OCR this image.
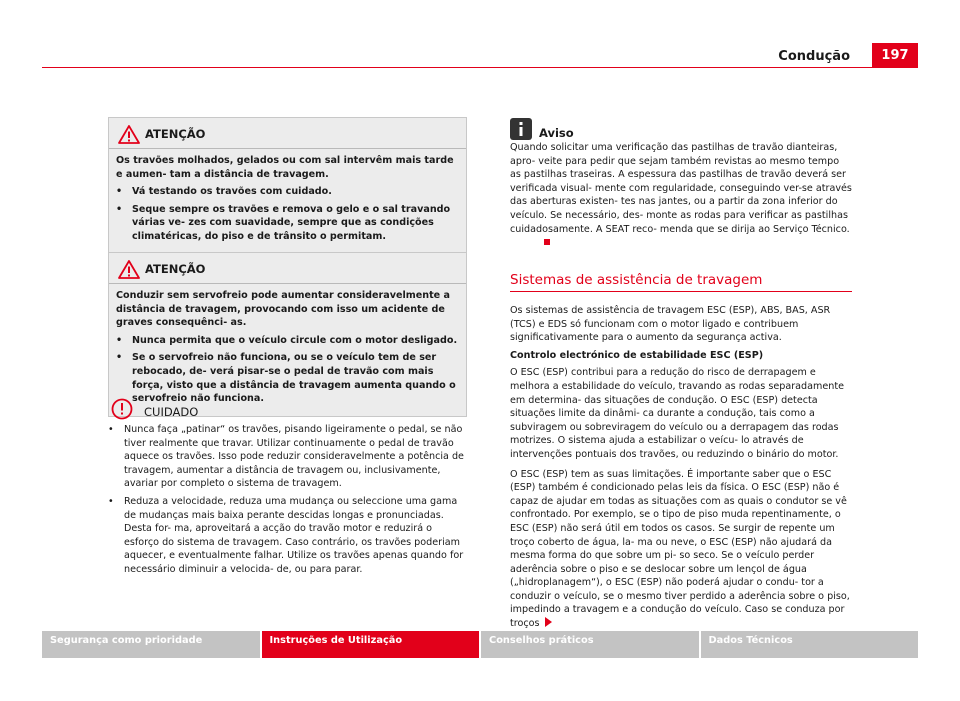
Condução	197
ATENÇÃO

Os travões molhados, gelados ou com sal intervêm mais tarde e aumen- tam a distância de travagem.

•	Vá testando os travões com cuidado.
•	Seque sempre os travões e remova o gelo e o sal travando várias ve- zes com suavidade, sempre que as condições climatéricas, do piso e de trânsito o permitam.
ATENÇÃO

Conduzir sem servofreio pode aumentar consideravelmente a distância de travagem, provocando com isso um acidente de graves consequênci- as.

•	Nunca permita que o veículo circule com o motor desligado.
•	Se o servofreio não funciona, ou se o veículo tem de ser rebocado, de- verá pisar-se o pedal de travão com mais força, visto que a distância de travagem aumenta quando o servofreio não funciona.
CUIDADO
•	Nunca faça „patinar“ os travões, pisando ligeiramente o pedal, se não tiver realmente que travar. Utilizar continuamente o pedal de travão aquece os travões. Isso pode reduzir consideravelmente a potência de travagem, aumentar a distância de travagem ou, inclusivamente, avariar por completo o sistema de travagem.
•	Reduza a velocidade, reduza uma mudança ou seleccione uma gama de mudanças mais baixa perante descidas longas e pronunciadas. Desta for- ma, aproveitará a acção do travão motor e reduzirá o esforço do sistema de travagem. Caso contrário, os travões poderiam aquecer, e eventualmente falhar. Utilize os travões apenas quando for necessário diminuir a velocida- de, ou para parar.
Aviso
Quando solicitar uma verificação das pastilhas de travão dianteiras, apro- veite para pedir que sejam também revistas ao mesmo tempo as pastilhas traseiras. A espessura das pastilhas de travão deverá ser verificada visual- mente com regularidade, conseguindo ver-se através das aberturas existen- tes nas jantes, ou a partir da zona inferior do veículo. Se necessário, des- monte as rodas para verificar as pastilhas cuidadosamente. A SEAT reco- menda que se dirija ao Serviço Técnico.
Sistemas de assistência de travagem

Os sistemas de assistência de travagem ESC (ESP), ABS, BAS, ASR (TCS) e EDS só funcionam com o motor ligado e contribuem significativamente para o aumento da segurança activa.

Controlo electrónico de estabilidade ESC (ESP)

O ESC (ESP) contribui para a redução do risco de derrapagem e melhora a estabilidade do veículo, travando as rodas separadamente em determina- das situações de condução. O ESC (ESP) detecta situações limite da dinâmi- ca durante a condução, tais como a subviragem ou sobreviragem do veículo ou a derrapagem das rodas motrizes. O sistema ajuda a estabilizar o veícu- lo através de intervenções pontuais dos travões, ou reduzindo o binário do motor.

O ESC (ESP) tem as suas limitações. É importante saber que o ESC (ESP) também é condicionado pelas leis da física. O ESC (ESP) não é capaz de ajudar em todas as situações com as quais o condutor se vê confrontado. Por exemplo, se o tipo de piso muda repentinamente, o ESC (ESP) não será útil em todos os casos. Se surgir de repente um troço coberto de água, la- ma ou neve, o ESC (ESP) não ajudará da mesma forma do que sobre um pi- so seco. Se o veículo perder aderência sobre o piso e se deslocar sobre um lençol de água („hidroplanagem“), o ESC (ESP) não poderá ajudar o condu- tor a conduzir o veículo, se o mesmo tiver perdido a aderência sobre o piso, impedindo a travagem e a condução do veículo. Caso se conduza por troços

Segurança como prioridade	Instruções de Utilização	Conselhos práticos	Dados Técnicos
